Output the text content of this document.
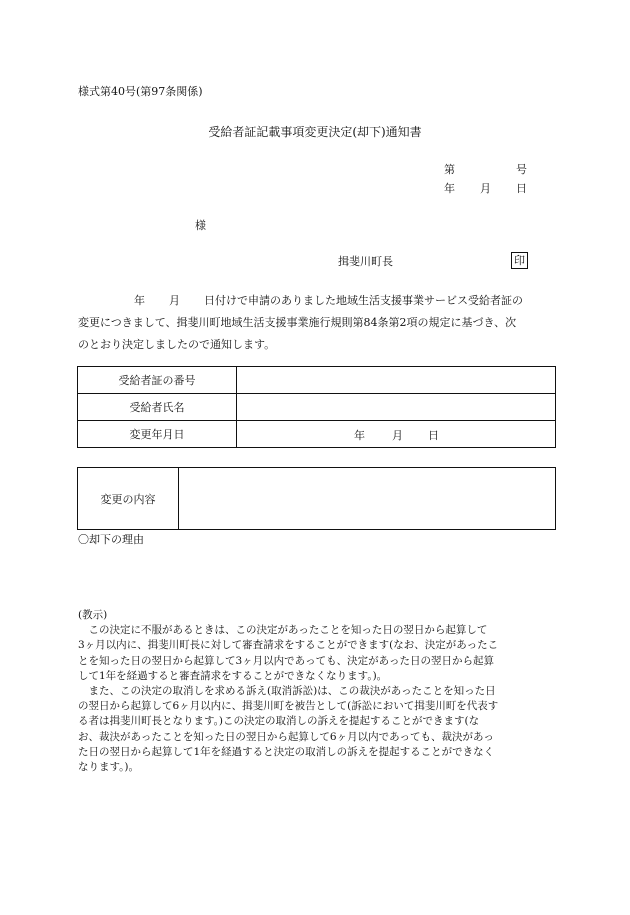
様式第40号(第97条関係)
受給者証記載事項変更決定(却下)通知書
第	号
年 月 日
様
揖斐川町長	印
年 月 日付けで申請のありました地域生活支援事業サービス受給者証の
変更につきまして、揖斐川町地域生活支援事業施行規則第84条第2項の規定に基づき、次
のとおり決定しましたので通知します。
受給者証の番号	
受給者氏名	
変更年月日	年 月 日
変更の内容	
〇却下の理由
(教示)
　この決定に不服があるときは、この決定があったことを知った日の翌日から起算して
3ヶ月以内に、揖斐川町長に対して審査請求をすることができます(なお、決定があったこ
とを知った日の翌日から起算して3ヶ月以内であっても、決定があった日の翌日から起算
して1年を経過すると審査請求をすることができなくなります。)。
　また、この決定の取消しを求める訴え(取消訴訟)は、この裁決があったことを知った日
の翌日から起算して6ヶ月以内に、揖斐川町を被告として(訴訟において揖斐川町を代表す
る者は揖斐川町長となります。)この決定の取消しの訴えを提起することができます(な
お、裁決があったことを知った日の翌日から起算して6ヶ月以内であっても、裁決があっ
た日の翌日から起算して1年を経過すると決定の取消しの訴えを提起することができなく
なります。)。
